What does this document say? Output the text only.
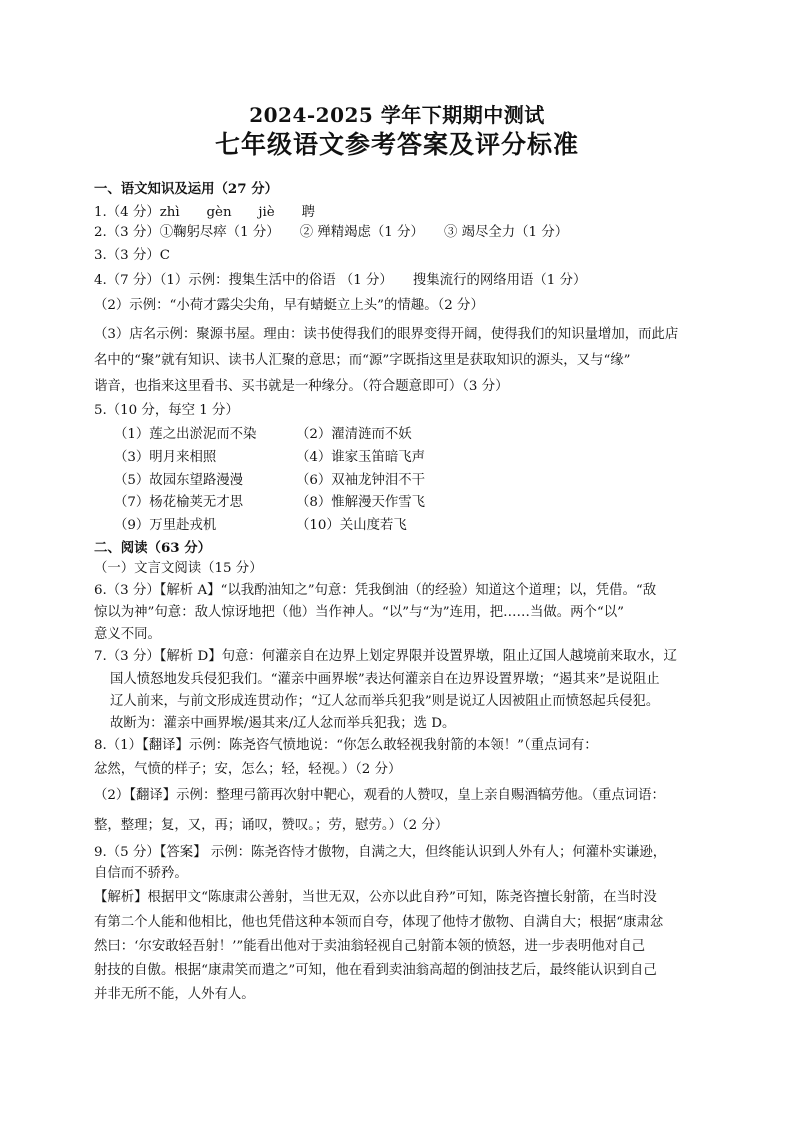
2024-2025 学年下期期中测试
七年级语文参考答案及评分标准
一、语文知识及运用（27 分）
1.（4 分）zhì　　gèn　　jiè　　聘
2.（3 分）①鞠躬尽瘁（1 分）　　② 殚精竭虑（1 分）　　③ 竭尽全力（1 分）
3.（3 分）C
4.（7 分）（1）示例：搜集生活中的俗语 （1 分）　　搜集流行的网络用语（1 分）
（2）示例：“小荷才露尖尖角，早有蜻蜓立上头”的情趣。（2 分）
（3）店名示例：聚源书屋。理由：读书使得我们的眼界变得开阔，使得我们的知识量增加，而此店
名中的“聚”就有知识、读书人汇聚的意思；而“源”字既指这里是获取知识的源头，又与“缘”
谐音，也指来这里看书、买书就是一种缘分。（符合题意即可）（3 分）
5.（10 分，每空 1 分）
（1）莲之出淤泥而不染	（2）濯清涟而不妖
（3）明月来相照	（4）谁家玉笛暗飞声
（5）故园东望路漫漫	（6）双袖龙钟泪不干
（7）杨花榆荚无才思	（8）惟解漫天作雪飞
（9）万里赴戎机	（10）关山度若飞
二、阅读（63 分）
（一）文言文阅读（15 分）
6.（3 分）【解析 A】“以我酌油知之”句意：凭我倒油（的经验）知道这个道理；以，凭借。“敌
惊以为神”句意：敌人惊讶地把（他）当作神人。“以”与“为”连用，把……当做。两个“以”
意义不同。
7.（3 分）【解析 D】句意：何灌亲自在边界上划定界限并设置界墩，阻止辽国人越境前来取水，辽
国人愤怒地发兵侵犯我们。“灌亲中画界堠”表达何灌亲自在边界设置界墩；“遏其来”是说阻止
辽人前来，与前文形成连贯动作；“辽人忿而举兵犯我”则是说辽人因被阻止而愤怒起兵侵犯。
故断为：灌亲中画界堠/遏其来/辽人忿而举兵犯我；选 D。
8.（1）【翻译】示例：陈尧咨气愤地说：“你怎么敢轻视我射箭的本领！”（重点词有：
忿然，气愤的样子；安，怎么；轻，轻视。）（2 分）
（2）【翻译】示例：整理弓箭再次射中靶心，观看的人赞叹，皇上亲自赐酒犒劳他。（重点词语：
整，整理；复，又，再；诵叹，赞叹。；劳，慰劳。）（2 分）
9.（5 分）【答案】 示例：陈尧咨恃才傲物，自满之大，但终能认识到人外有人；何灌朴实谦逊，
自信而不骄矜。
【解析】根据甲文“陈康肃公善射，当世无双，公亦以此自矜”可知，陈尧咨擅长射箭，在当时没
有第二个人能和他相比，他也凭借这种本领而自夸，体现了他恃才傲物、自满自大；根据“康肃忿
然曰：‘尔安敢轻吾射！’”能看出他对于卖油翁轻视自己射箭本领的愤怒，进一步表明他对自己
射技的自傲。根据“康肃笑而遣之”可知，他在看到卖油翁高超的倒油技艺后，最终能认识到自己
并非无所不能，人外有人。
